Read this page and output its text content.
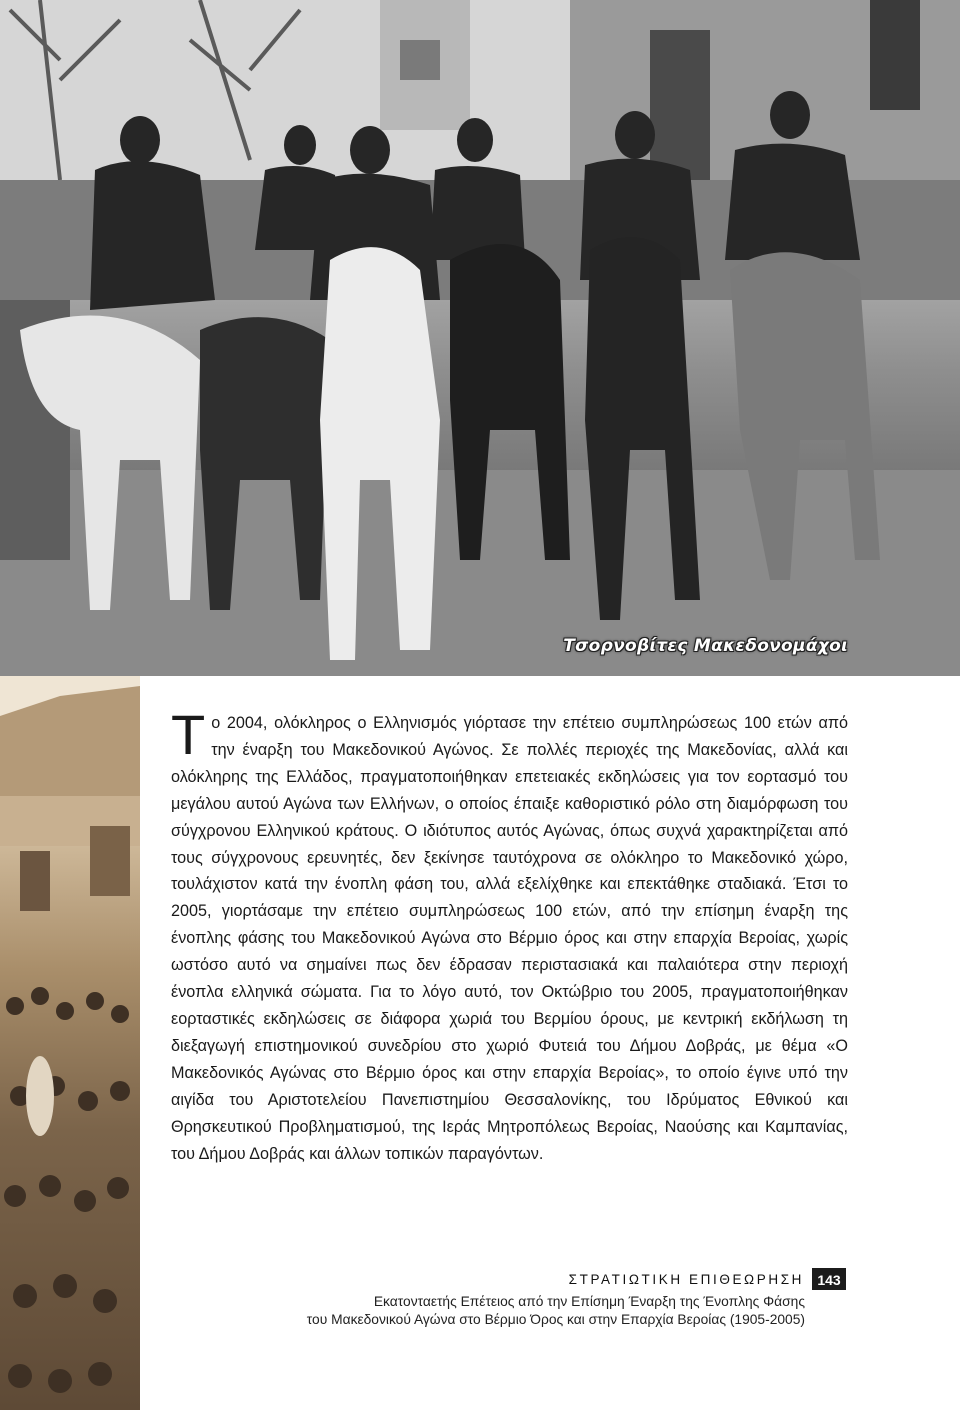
Τσορνοβίτες Μακεδονομάχοι
Το 2004, ολόκληρος ο Ελληνισμός γιόρτασε την επέτειο συμπληρώσεως 100 ετών από την έναρξη του Μακεδονικού Αγώνος. Σε πολλές περιοχές της Μακεδονίας, αλλά και ολόκληρης της Ελλάδος, πραγματοποιήθηκαν επετειακές εκδηλώσεις για τον εορτασμό του μεγάλου αυτού Αγώνα των Ελλήνων, ο οποίος έπαιξε καθοριστικό ρόλο στη διαμόρφωση του σύγχρονου Ελληνικού κράτους. Ο ιδιότυπος αυτός Αγώνας, όπως συχνά χαρακτηρίζεται από τους σύγχρονους ερευνητές, δεν ξεκίνησε ταυτόχρονα σε ολόκληρο το Μακεδονικό χώρο, τουλάχιστον κατά την ένοπλη φάση του, αλλά εξελίχθηκε και επεκτάθηκε σταδιακά. Έτσι το 2005, γιορτάσαμε την επέτειο συμπληρώσεως 100 ετών, από την επίσημη έναρξη της ένοπλης φάσης του Μακεδονικού Αγώνα στο Βέρμιο όρος και στην επαρχία Βεροίας, χωρίς ωστόσο αυτό να σημαίνει πως δεν έδρασαν περιστασιακά και παλαιότερα στην περιοχή ένοπλα ελληνικά σώματα. Για το λόγο αυτό, τον Οκτώβριο του 2005, πραγματοποιήθηκαν εορταστικές εκδηλώσεις σε διάφορα χωριά του Βερμίου όρους, με κεντρική εκδήλωση τη διεξαγωγή επιστημονικού συνεδρίου στο χωριό Φυτειά του Δήμου Δοβράς, με θέμα «Ο Μακεδονικός Αγώνας στο Βέρμιο όρος και στην επαρχία Βεροίας», το οποίο έγινε υπό την αιγίδα του Αριστοτελείου Πανεπιστημίου Θεσσαλονίκης, του Ιδρύματος Εθνικού και Θρησκευτικού Προβληματισμού, της Ιεράς Μητροπόλεως Βεροίας, Ναούσης και Καμπανίας, του Δήμου Δοβράς και άλλων τοπικών παραγόντων.
ΣΤΡΑΤΙΩΤΙΚΗ ΕΠΙΘΕΩΡΗΣΗ 143
Εκατονταετής Επέτειος από την Επίσημη Έναρξη της Ένοπλης Φάσης
του Μακεδονικού Αγώνα στο Βέρμιο Όρος και στην Επαρχία Βεροίας (1905-2005)
